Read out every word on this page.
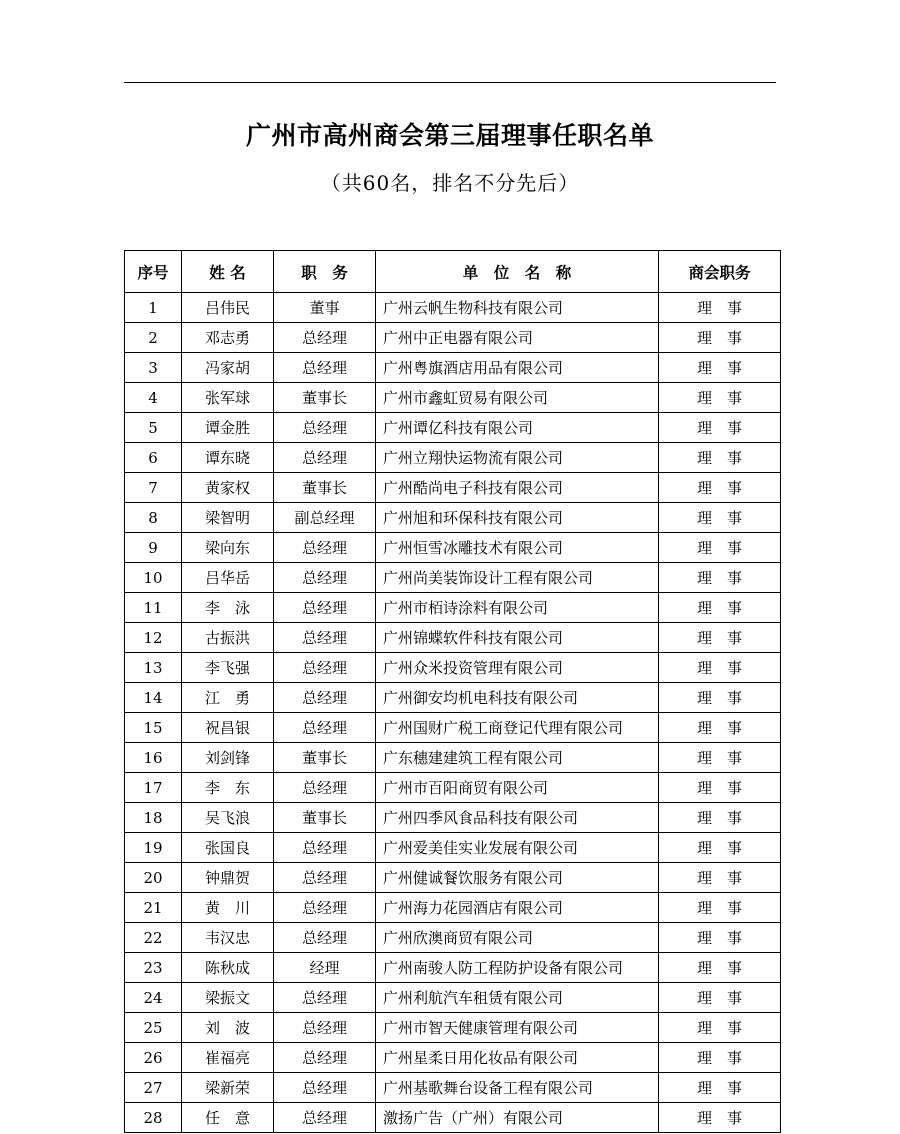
广州市高州商会第三届理事任职名单
（共60名，排名不分先后）
序号	姓 名	职　务	单　位　名　称	商会职务
1	吕伟民	董事	广州云帆生物科技有限公司	理　事
2	邓志勇	总经理	广州中正电器有限公司	理　事
3	冯家胡	总经理	广州粤旗酒店用品有限公司	理　事
4	张军球	董事长	广州市鑫虹贸易有限公司	理　事
5	谭金胜	总经理	广州谭亿科技有限公司	理　事
6	谭东晓	总经理	广州立翔快运物流有限公司	理　事
7	黄家权	董事长	广州酷尚电子科技有限公司	理　事
8	梁智明	副总经理	广州旭和环保科技有限公司	理　事
9	梁向东	总经理	广州恒雪冰雕技术有限公司	理　事
10	吕华岳	总经理	广州尚美装饰设计工程有限公司	理　事
11	李　泳	总经理	广州市栢诗涂料有限公司	理　事
12	古振洪	总经理	广州锦蝶软件科技有限公司	理　事
13	李飞强	总经理	广州众米投资管理有限公司	理　事
14	江　勇	总经理	广州御安均机电科技有限公司	理　事
15	祝昌银	总经理	广州国财广税工商登记代理有限公司	理　事
16	刘剑锋	董事长	广东穗建建筑工程有限公司	理　事
17	李　东	总经理	广州市百阳商贸有限公司	理　事
18	吴飞浪	董事长	广州四季风食品科技有限公司	理　事
19	张国良	总经理	广州爱美佳实业发展有限公司	理　事
20	钟鼎贺	总经理	广州健诚餐饮服务有限公司	理　事
21	黄　川	总经理	广州海力花园酒店有限公司	理　事
22	韦汉忠	总经理	广州欣澳商贸有限公司	理　事
23	陈秋成	经理	广州南骏人防工程防护设备有限公司	理　事
24	梁振文	总经理	广州利航汽车租赁有限公司	理　事
25	刘　波	总经理	广州市智天健康管理有限公司	理　事
26	崔福亮	总经理	广州星柔日用化妆品有限公司	理　事
27	梁新荣	总经理	广州基歌舞台设备工程有限公司	理　事
28	任　意	总经理	激扬广告（广州）有限公司	理　事
